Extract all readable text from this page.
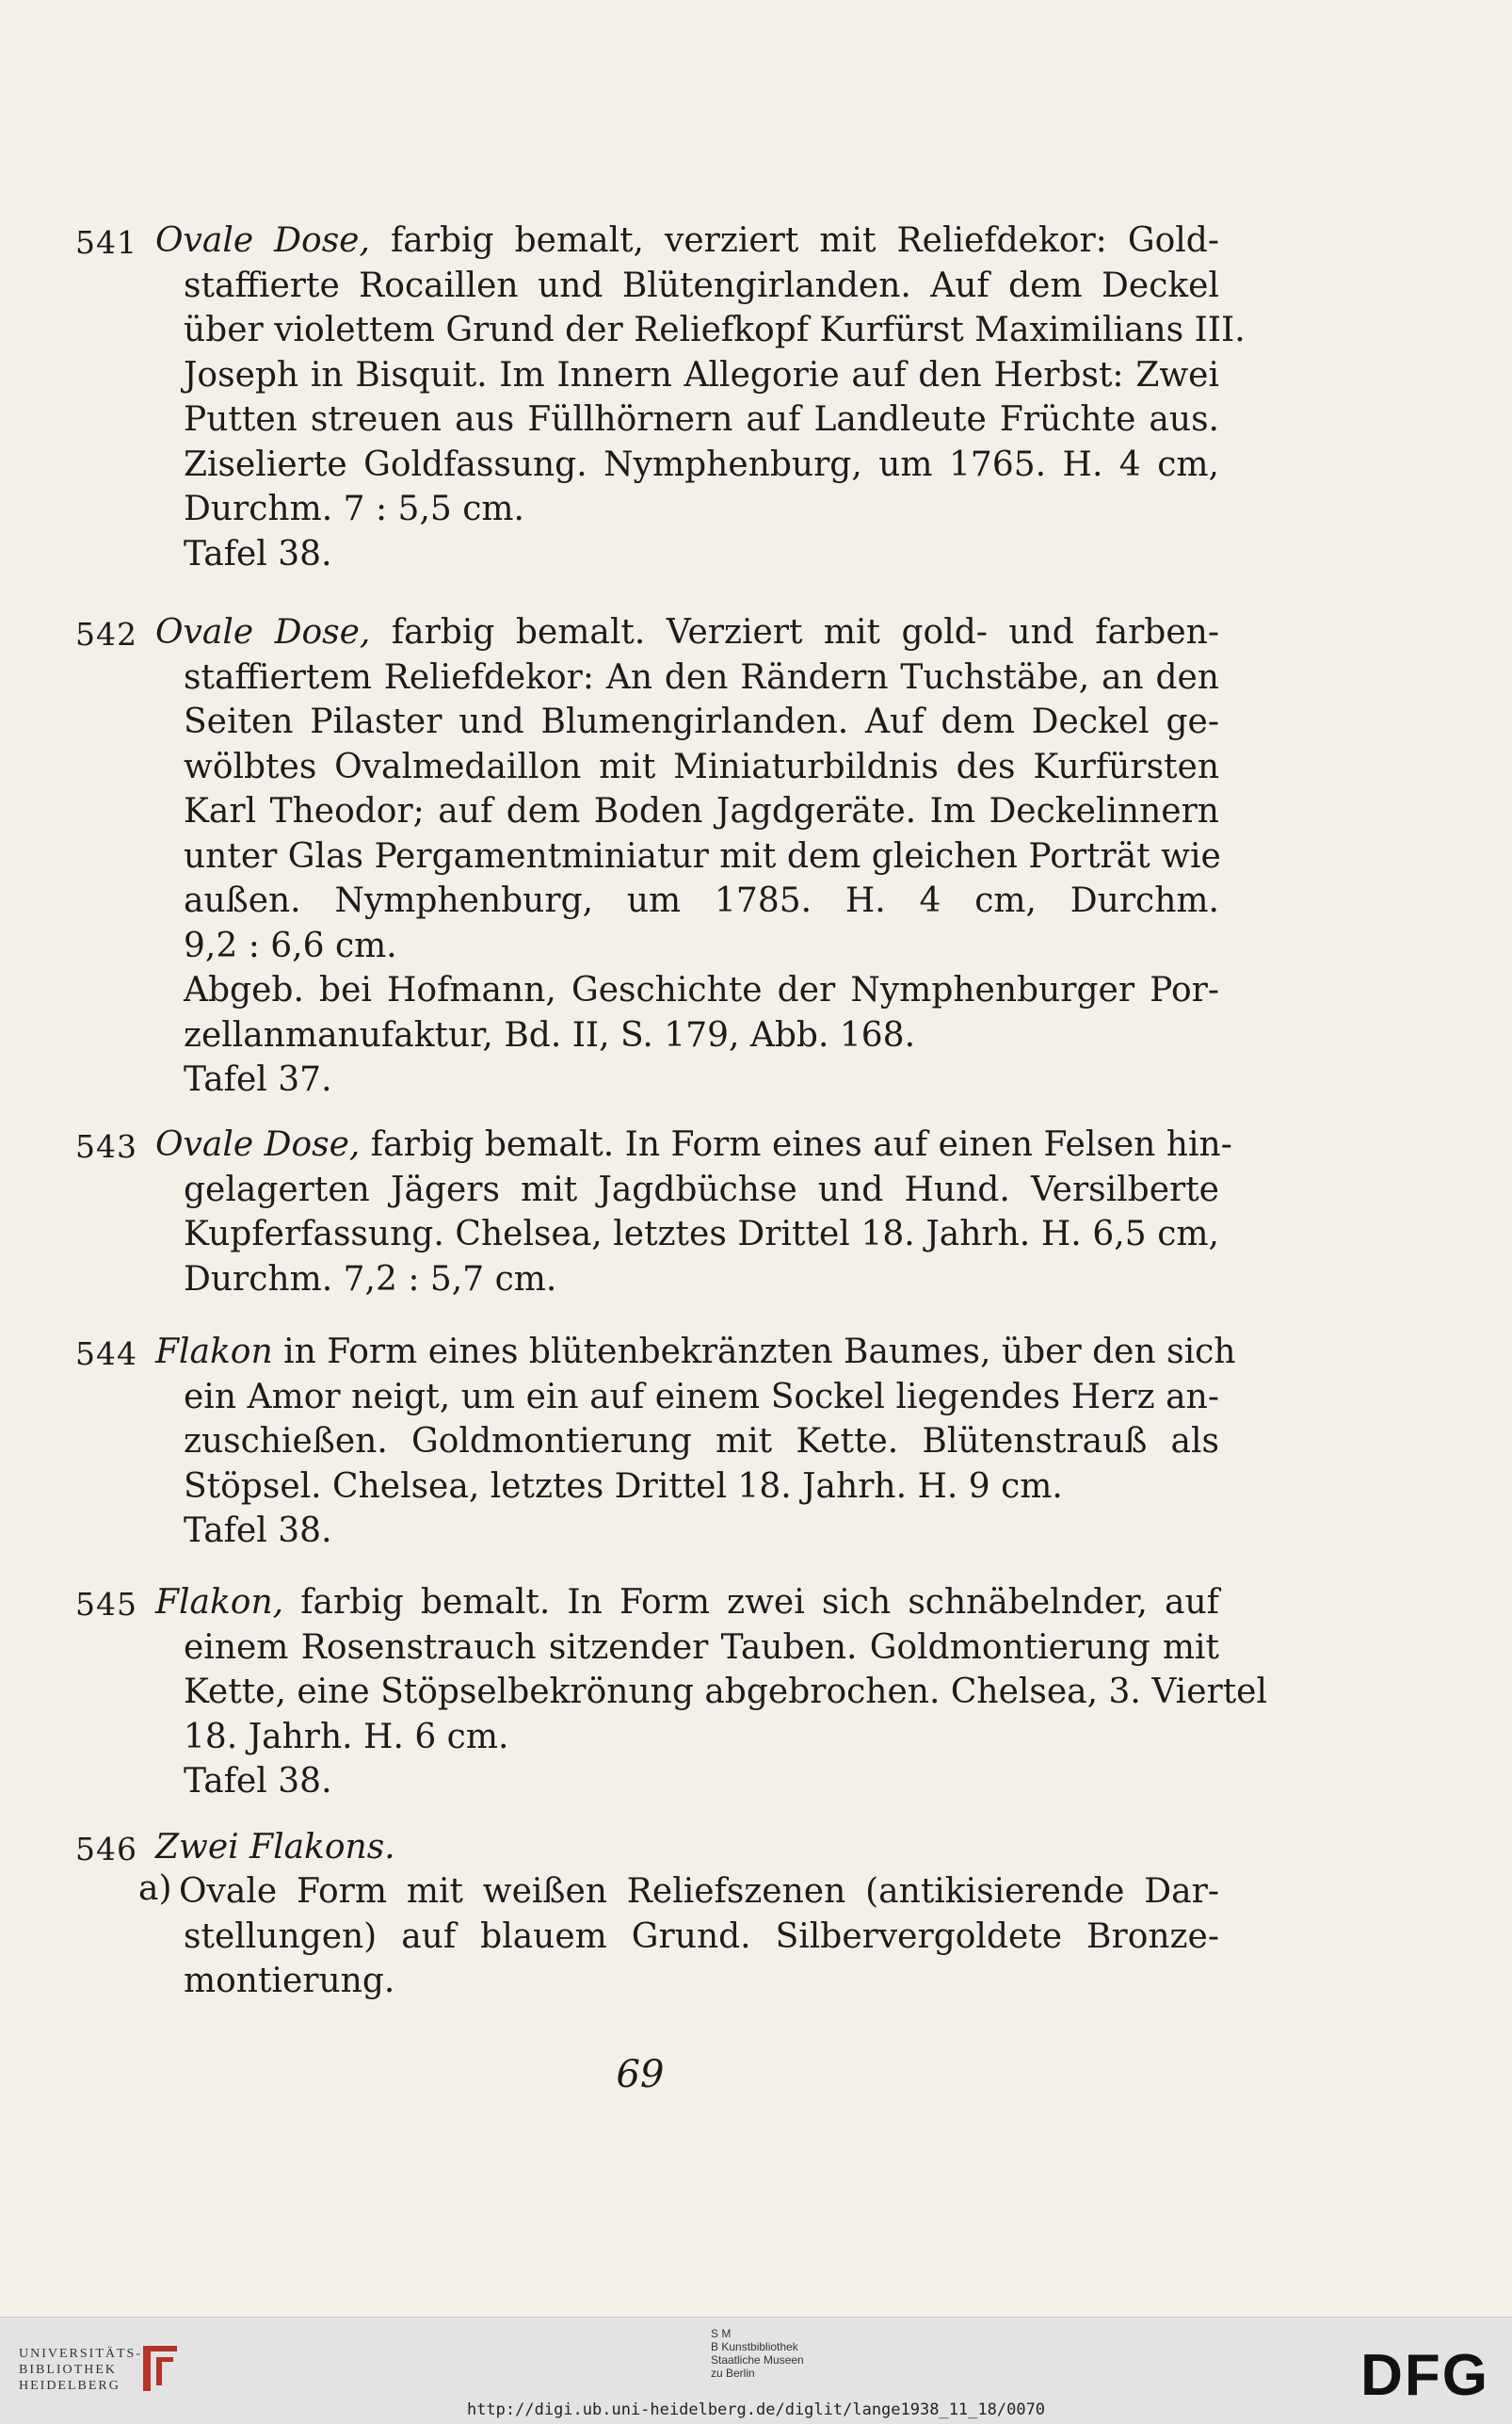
541 Ovale Dose, farbig bemalt, verziert mit Reliefdekor: Gold-
staffierte Rocaillen und Blütengirlanden. Auf dem Deckel
über violettem Grund der Reliefkopf Kurfürst Maximilians III.
Joseph in Bisquit. Im Innern Allegorie auf den Herbst: Zwei
Putten streuen aus Füllhörnern auf Landleute Früchte aus.
Ziselierte Goldfassung. Nymphenburg, um 1765. H. 4 cm,
Durchm. 7 : 5,5 cm.
Tafel 38.
542 Ovale Dose, farbig bemalt. Verziert mit gold- und farben-
staffiertem Reliefdekor: An den Rändern Tuchstäbe, an den
Seiten Pilaster und Blumengirlanden. Auf dem Deckel ge-
wölbtes Ovalmedaillon mit Miniaturbildnis des Kurfürsten
Karl Theodor; auf dem Boden Jagdgeräte. Im Deckelinnern
unter Glas Pergamentminiatur mit dem gleichen Porträt wie
außen. Nymphenburg, um 1785. H. 4 cm, Durchm.
9,2 : 6,6 cm.
Abgeb. bei Hofmann, Geschichte der Nymphenburger Por-
zellanmanufaktur, Bd. II, S. 179, Abb. 168.
Tafel 37.
543 Ovale Dose, farbig bemalt. In Form eines auf einen Felsen hin-
gelagerten Jägers mit Jagdbüchse und Hund. Versilberte
Kupferfassung. Chelsea, letztes Drittel 18. Jahrh. H. 6,5 cm,
Durchm. 7,2 : 5,7 cm.
544 Flakon in Form eines blütenbekränzten Baumes, über den sich
ein Amor neigt, um ein auf einem Sockel liegendes Herz an-
zuschießen. Goldmontierung mit Kette. Blütenstrauß als
Stöpsel. Chelsea, letztes Drittel 18. Jahrh. H. 9 cm.
Tafel 38.
545 Flakon, farbig bemalt. In Form zwei sich schnäbelnder, auf
einem Rosenstrauch sitzender Tauben. Goldmontierung mit
Kette, eine Stöpselbekrönung abgebrochen. Chelsea, 3. Viertel
18. Jahrh. H. 6 cm.
Tafel 38.
546 Zwei Flakons.
a) Ovale Form mit weißen Reliefszenen (antikisierende Dar-
stellungen) auf blauem Grund. Silbervergoldete Bronze-
montierung.
69
UNIVERSITÄTS-
BIBLIOTHEK
HEIDELBERG
S M
B Kunstbibliothek
Staatliche Museen
zu Berlin	DFG
http://digi.ub.uni-heidelberg.de/diglit/lange1938_11_18/0070
